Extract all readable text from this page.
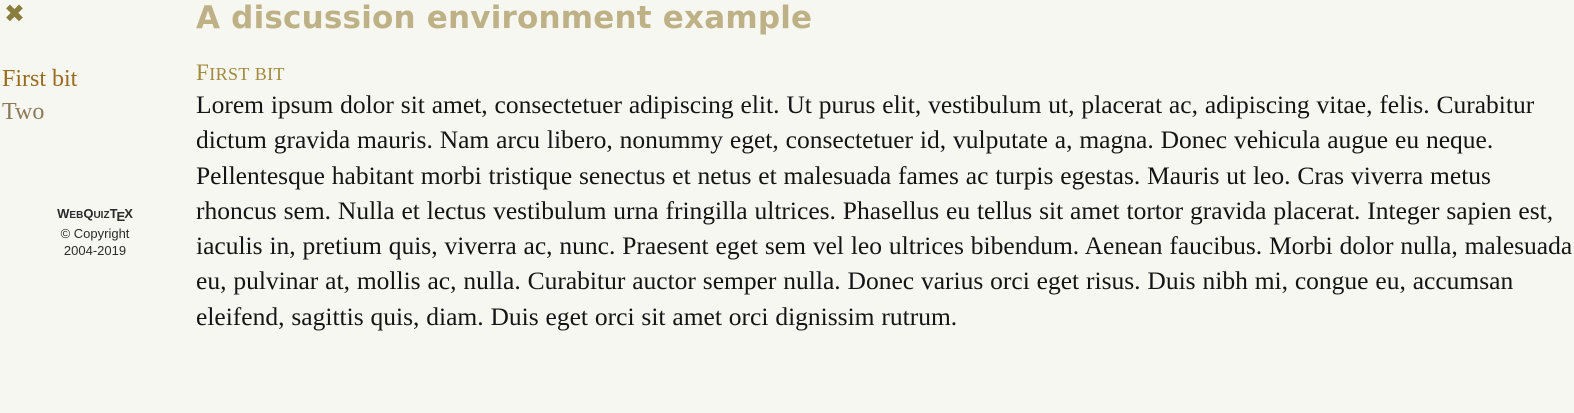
✖
First bit
Two
WEBQUIZTEX
© Copyright
2004-2019
A discussion environment example
FIRST BIT

Lorem ipsum dolor sit amet, consectetuer adipiscing elit. Ut purus elit, vestibulum ut, placerat ac, adipiscing vitae, felis. Curabitur dictum gravida mauris. Nam arcu libero, nonummy eget, consectetuer id, vulputate a, magna. Donec vehicula augue eu neque. Pellentesque habitant morbi tristique senectus et netus et malesuada fames ac turpis egestas. Mauris ut leo. Cras viverra metus rhoncus sem. Nulla et lectus vestibulum urna fringilla ultrices. Phasellus eu tellus sit amet tortor gravida placerat. Integer sapien est, iaculis in, pretium quis, viverra ac, nunc. Praesent eget sem vel leo ultrices bibendum. Aenean faucibus. Morbi dolor nulla, malesuada eu, pulvinar at, mollis ac, nulla. Curabitur auctor semper nulla. Donec varius orci eget risus. Duis nibh mi, congue eu, accumsan eleifend, sagittis quis, diam. Duis eget orci sit amet orci dignissim rutrum.
